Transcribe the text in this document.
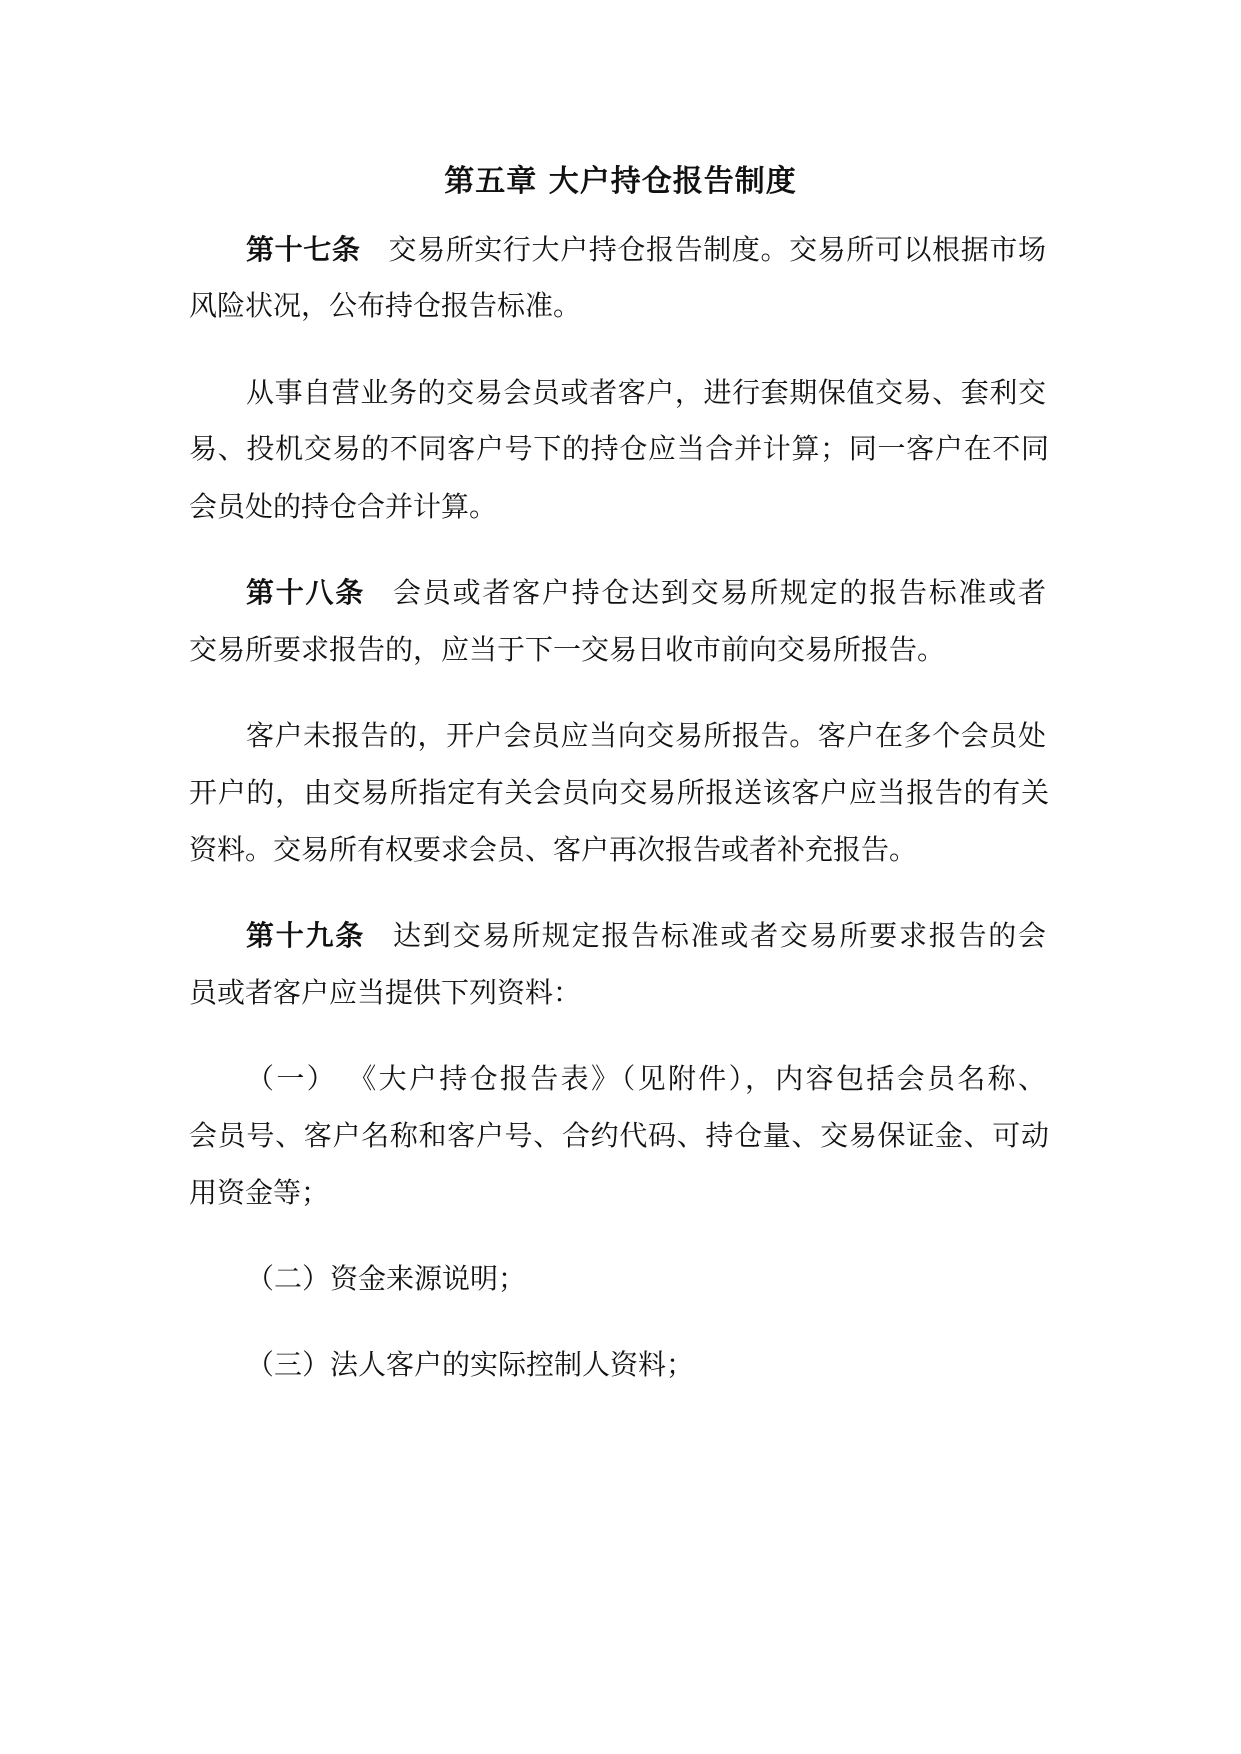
第五章 大户持仓报告制度
第十七条 交易所实行大户持仓报告制度。交易所可以根据市场
风险状况，公布持仓报告标准。
从事自营业务的交易会员或者客户，进行套期保值交易、套利交
易、投机交易的不同客户号下的持仓应当合并计算；同一客户在不同
会员处的持仓合并计算。
第十八条 会员或者客户持仓达到交易所规定的报告标准或者
交易所要求报告的，应当于下一交易日收市前向交易所报告。
客户未报告的，开户会员应当向交易所报告。客户在多个会员处
开户的，由交易所指定有关会员向交易所报送该客户应当报告的有关
资料。交易所有权要求会员、客户再次报告或者补充报告。
第十九条 达到交易所规定报告标准或者交易所要求报告的会
员或者客户应当提供下列资料：
（一） 《大户持仓报告表》（见附件），内容包括会员名称、
会员号、客户名称和客户号、合约代码、持仓量、交易保证金、可动
用资金等；
（二）资金来源说明；
（三）法人客户的实际控制人资料；
